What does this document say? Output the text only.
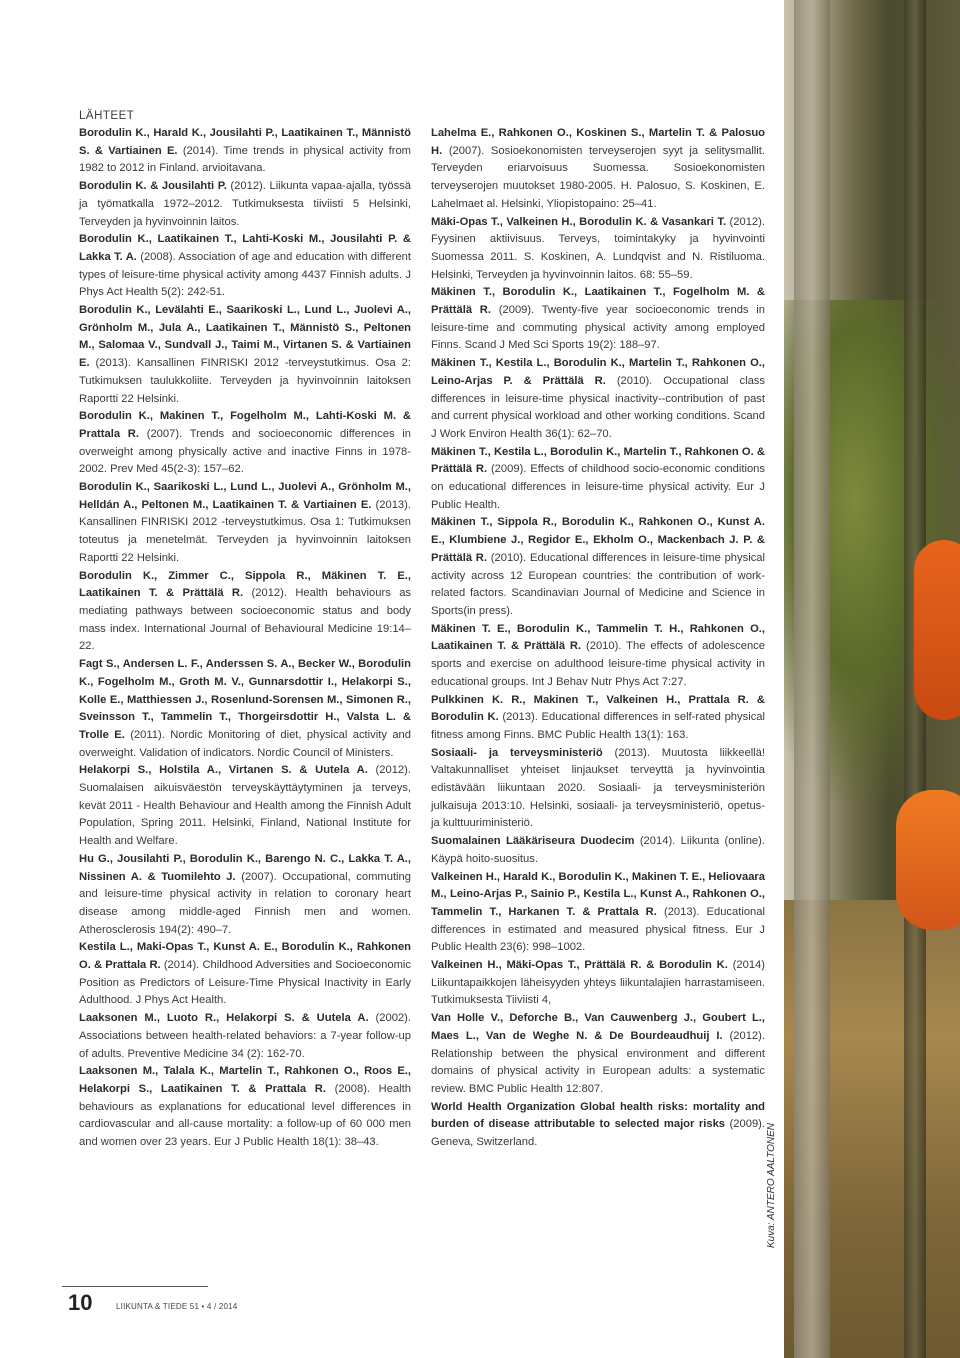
Kuva: ANTERO AALTONEN
LÄHTEET

Borodulin K., Harald K., Jousilahti P., Laatikainen T., Männistö S. & Vartiainen E. (2014). Time trends in physical activity from 1982 to 2012 in Finland. arvioitavana.

Borodulin K. & Jousilahti P. (2012). Liikunta vapaa-ajalla, työssä ja työmatkalla 1972–2012. Tutkimuksesta tiiviisti 5 Helsinki, Terveyden ja hyvinvoinnin laitos.

Borodulin K., Laatikainen T., Lahti-Koski M., Jousilahti P. & Lakka T. A. (2008). Association of age and education with different types of leisure-time physical activity among 4437 Finnish adults. J Phys Act Health 5(2): 242-51.

Borodulin K., Levälahti E., Saarikoski L., Lund L., Juolevi A., Grönholm M., Jula A., Laatikainen T., Männistö S., Peltonen M., Salomaa V., Sundvall J., Taimi M., Virtanen S. & Vartiainen E. (2013). Kansallinen FINRISKI 2012 -terveystutkimus. Osa 2: Tutkimuksen taulukkoliite. Terveyden ja hyvinvoinnin laitoksen Raportti 22 Helsinki.

Borodulin K., Makinen T., Fogelholm M., Lahti-Koski M. & Prattala R. (2007). Trends and socioeconomic differences in overweight among physically active and inactive Finns in 1978-2002. Prev Med 45(2-3): 157–62.

Borodulin K., Saarikoski L., Lund L., Juolevi A., Grönholm M., Helldán A., Peltonen M., Laatikainen T. & Vartiainen E. (2013). Kansallinen FINRISKI 2012 -terveystutkimus. Osa 1: Tutkimuksen toteutus ja menetelmät. Terveyden ja hyvinvoinnin laitoksen Raportti 22 Helsinki.

Borodulin K., Zimmer C., Sippola R., Mäkinen T. E., Laatikainen T. & Prättälä R. (2012). Health behaviours as mediating pathways between socioeconomic status and body mass index. International Journal of Behavioural Medicine 19:14–22.

Fagt S., Andersen L. F., Anderssen S. A., Becker W., Borodulin K., Fogelholm M., Groth M. V., Gunnarsdottir I., Helakorpi S., Kolle E., Matthiessen J., Rosenlund-Sorensen M., Simonen R., Sveinsson T., Tammelin T., Thorgeirsdottir H., Valsta L. & Trolle E. (2011). Nordic Monitoring of diet, physical activity and overweight. Validation of indicators. Nordic Council of Ministers.

Helakorpi S., Holstila A., Virtanen S. & Uutela A. (2012). Suomalaisen aikuisväestön terveyskäyttäytyminen ja terveys, kevät 2011 - Health Behaviour and Health among the Finnish Adult Population, Spring 2011. Helsinki, Finland, National Institute for Health and Welfare.

Hu G., Jousilahti P., Borodulin K., Barengo N. C., Lakka T. A., Nissinen A. & Tuomilehto J. (2007). Occupational, commuting and leisure-time physical activity in relation to coronary heart disease among middle-aged Finnish men and women. Atherosclerosis 194(2): 490–7.

Kestila L., Maki-Opas T., Kunst A. E., Borodulin K., Rahkonen O. & Prattala R. (2014). Childhood Adversities and Socioeconomic Position as Predictors of Leisure-Time Physical Inactivity in Early Adulthood. J Phys Act Health.

Laaksonen M., Luoto R., Helakorpi S. & Uutela A. (2002). Associations between health-related behaviors: a 7-year follow-up of adults. Preventive Medicine 34 (2): 162-70.

Laaksonen M., Talala K., Martelin T., Rahkonen O., Roos E., Helakorpi S., Laatikainen T. & Prattala R. (2008). Health behaviours as explanations for educational level differences in cardiovascular and all-cause mortality: a follow-up of 60 000 men and women over 23 years. Eur J Public Health 18(1): 38–43.

Lahelma E., Rahkonen O., Koskinen S., Martelin T. & Palosuo H. (2007). Sosioekonomisten terveyserojen syyt ja selitysmallit. Terveyden eriarvoisuus Suomessa. Sosioekonomisten terveyserojen muutokset 1980-2005. H. Palosuo, S. Koskinen, E. Lahelmaet al. Helsinki, Yliopistopaino: 25–41.

Mäki-Opas T., Valkeinen H., Borodulin K. & Vasankari T. (2012). Fyysinen aktiivisuus. Terveys, toimintakyky ja hyvinvointi Suomessa 2011. S. Koskinen, A. Lundqvist and N. Ristiluoma. Helsinki, Terveyden ja hyvinvoinnin laitos. 68: 55–59.

Mäkinen T., Borodulin K., Laatikainen T., Fogelholm M. & Prättälä R. (2009). Twenty-five year socioeconomic trends in leisure-time and commuting physical activity among employed Finns. Scand J Med Sci Sports 19(2): 188–97.

Mäkinen T., Kestila L., Borodulin K., Martelin T., Rahkonen O., Leino-Arjas P. & Prättälä R. (2010). Occupational class differences in leisure-time physical inactivity--contribution of past and current physical workload and other working conditions. Scand J Work Environ Health 36(1): 62–70.

Mäkinen T., Kestila L., Borodulin K., Martelin T., Rahkonen O. & Prättälä R. (2009). Effects of childhood socio-economic conditions on educational differences in leisure-time physical activity. Eur J Public Health.

Mäkinen T., Sippola R., Borodulin K., Rahkonen O., Kunst A. E., Klumbiene J., Regidor E., Ekholm O., Mackenbach J. P. & Prättälä R. (2010). Educational differences in leisure-time physical activity across 12 European countries: the contribution of work-related factors. Scandinavian Journal of Medicine and Science in Sports(in press).

Mäkinen T. E., Borodulin K., Tammelin T. H., Rahkonen O., Laatikainen T. & Prättälä R. (2010). The effects of adolescence sports and exercise on adulthood leisure-time physical activity in educational groups. Int J Behav Nutr Phys Act 7:27.

Pulkkinen K. R., Makinen T., Valkeinen H., Prattala R. & Borodulin K. (2013). Educational differences in self-rated physical fitness among Finns. BMC Public Health 13(1): 163.

Sosiaali- ja terveysministeriö (2013). Muutosta liikkeellä! Valtakunnalliset yhteiset linjaukset terveyttä ja hyvinvointia edistävään liikuntaan 2020. Sosiaali- ja terveysministeriön julkaisuja 2013:10. Helsinki, sosiaali- ja terveysministeriö, opetus- ja kulttuuriministeriö.

Suomalainen Lääkäriseura Duodecim (2014). Liikunta (online). Käypä hoito-suositus.

Valkeinen H., Harald K., Borodulin K., Makinen T. E., Heliovaara M., Leino-Arjas P., Sainio P., Kestila L., Kunst A., Rahkonen O., Tammelin T., Harkanen T. & Prattala R. (2013). Educational differences in estimated and measured physical fitness. Eur J Public Health 23(6): 998–1002.

Valkeinen H., Mäki-Opas T., Prättälä R. & Borodulin K. (2014) Liikuntapaikkojen läheisyyden yhteys liikuntalajien harrastamiseen. Tutkimuksesta Tiiviisti 4,

Van Holle V., Deforche B., Van Cauwenberg J., Goubert L., Maes L., Van de Weghe N. & De Bourdeaudhuij I. (2012). Relationship between the physical environment and different domains of physical activity in European adults: a systematic review. BMC Public Health 12:807.

World Health Organization Global health risks: mortality and burden of disease attributable to selected major risks (2009). Geneva, Switzerland.

10	LIIKUNTA & TIEDE 51 • 4 / 2014
